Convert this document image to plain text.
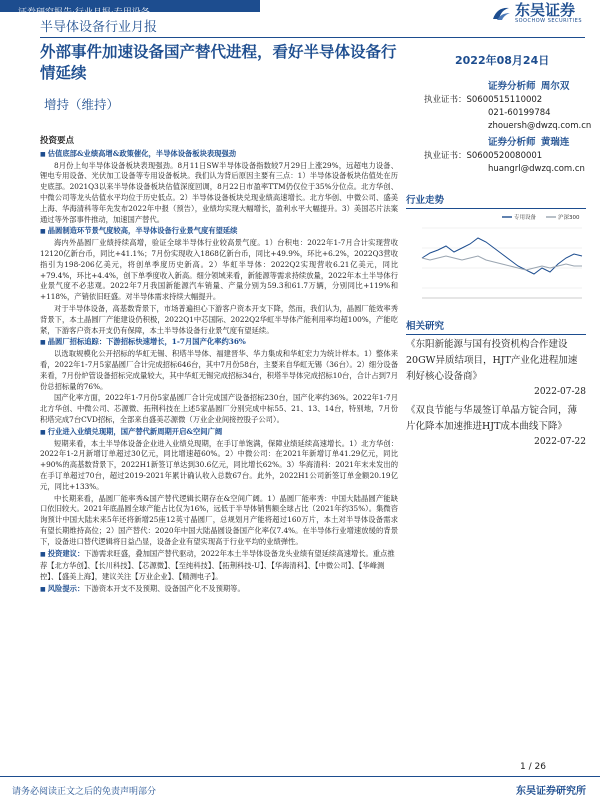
证券研究报告·行业月报·专用设备	东吴证券
SOOCHOW SECURITIES
半导体设备行业月报
外部事件加速设备国产替代进程，看好半导体设备行情延续
增持（维持）
2022年08月24日
证券分析师 周尔双
执业证书：S0600515110002
021-60199784
zhouersh@dwzq.com.cn
证券分析师 黄瑞连
执业证书：S0600520080001
huangrl@dwzq.com.cn
行业走势
专用设备	沪深300
相关研究
《东阳新能源与国有投资机构合作建设20GW异质结项目，HJT产业化进程加速利好核心设备商》
2022-07-28
《双良节能与华晟签订单晶方锭合同，薄片化降本加速推进HJT成本曲线下降》
2022-07-22
投资要点
■ 估值底部&业绩高增&政策催化，半导体设备板块表现强劲

8月份上旬半导体设备板块表现强劲。8月11日SW半导体设备指数较7月29日上涨29%，远超电力设备、锂电专用设备、光伏加工设备等专用设备板块。我们认为背后原因主要有三点：1）半导体设备板块估值处在历史底部。2021Q3以来半导体设备板块估值深度回调，8月22日市盈率TTM仍仅位于35%分位点。北方华创、中微公司等龙头估值水平均位于历史低点。2）半导体设备板块兑现业绩高速增长。北方华创、中微公司、盛美上海、华海清科等年先发布2022年中报（预告），业绩均实现大幅增长，盈利水平大幅提升。3）美国芯片法案通过等外部事件推动，加速国产替代。

■ 晶圆制造环节景气度较高，半导体设备行业景气度有望延续

海内外晶圆厂业绩持续高增，验证全球半导体行业较高景气度。1）台积电：2022年1-7月合计实现营收12120亿新台币，同比+41.1%；7月份实现收入1868亿新台币，同比+49.9%，环比+6.2%，2022Q3营收指引为198-206亿美元，将创单季度历史新高。2）华虹半导体：2022Q2实现营收6.21亿美元，同比+79.4%，环比+4.4%，创下单季度收入新高。细分领域来看，新能源等需求持续放量，2022年本土半导体行业景气度不必悲观。2022年7月我国新能源汽车销量、产量分别为59.3和61.7万辆，分别同比+119%和+118%，产销依旧旺盛。对半导体需求持续大幅提升。

对于半导体设备，高基数背景下，市场普遍担心下游客户资本开支下降，然而，我们认为，晶圆厂能效率秀背景下，本土晶圆厂产能建设仍积极，2022Q1中芯国际、2022Q2华虹半导体产能利用率均超100%，产能吃紧，下游客户资本开支仍有保障，本土半导体设备行业景气度有望延续。

■ 晶圆厂招标追踪：下游招标快速增长，1-7月国产化率约36%

以选取规模化公开招标的华虹无锡、积塔半导体、福建晋华、华力集成和华虹宏力为统计样本。1）整体来看，2022年1-7月5家晶圆厂合计完成招标646台，其中7月份58台，主要来自华虹无锡（36台）。2）细分设备来看，7月份炉管设备招标完成量较大，其中华虹无锡完成招标34台，积塔半导体完成招标10台，合计占到7月份总招标量的76%。

国产化率方面，2022年1-7月份5家晶圆厂合计完成国产设备招标230台，国产化率约36%。2022年1-7月北方华创、中微公司、芯源微、拓荆科技在上述5家晶圆厂分别完成中标55、21、13、14台，特别地，7月份积塔完成7台CVD招标，全部来自盛美芯源微（万业企业间接控股子公司）。

■ 行业进入业绩兑现期，国产替代新周期开启&空间广阔

短期来看，本土半导体设备企业进入业绩兑现期，在手订单饱满，保障业绩延续高速增长。1）北方华创：2022年1-2月新增订单超过30亿元，同比增速超60%。2）中微公司：在2021年新增订单41.29亿元，同比+90%的高基数背景下，2022H1新签订单达到30.6亿元，同比增长62%。3）华海清科：2021年末未发出的在手订单超过70台，超过2019-2021年累计确认收入总数67台。此外，2022H1公司新签订单金额20.19亿元，同比+133%。

中长期来看，晶圆厂能率秀&国产替代逻辑长期存在&空间广阔。1）晶圆厂能率秀：中国大陆晶圆产能缺口依旧较大。2021年底晶圆全球产能占比仅为16%，远低于半导体销售额全球占比（2021年约35%）。集微咨询预计中国大陆未来5年还将新增25座12英寸晶圆厂，总规划月产能将超过160万片，本土对半导体设备需求有望长期维持高位；2）国产替代：2020年中国大陆晶圆设备国产化率仅7.4%。在半导体行业增速放缓的背景下，设备进口替代逻辑将日益凸显，设备企业有望实现高于行业平均的业绩弹性。

■ 投资建议：下游需求旺盛，叠加国产替代驱动，2022年本土半导体设备龙头业绩有望延续高速增长。重点推荐【北方华创】、【长川科技】、【芯源微】、【至纯科技】、【拓荆科技-U】、【华海清科】、【中微公司】、【华峰测控】、【盛美上海】，建议关注【万业企业】、【精测电子】。
■ 风险提示：下游资本开支不及预期、设备国产化不及预期等。
1 / 26
请务必阅读正文之后的免责声明部分	东吴证券研究所
